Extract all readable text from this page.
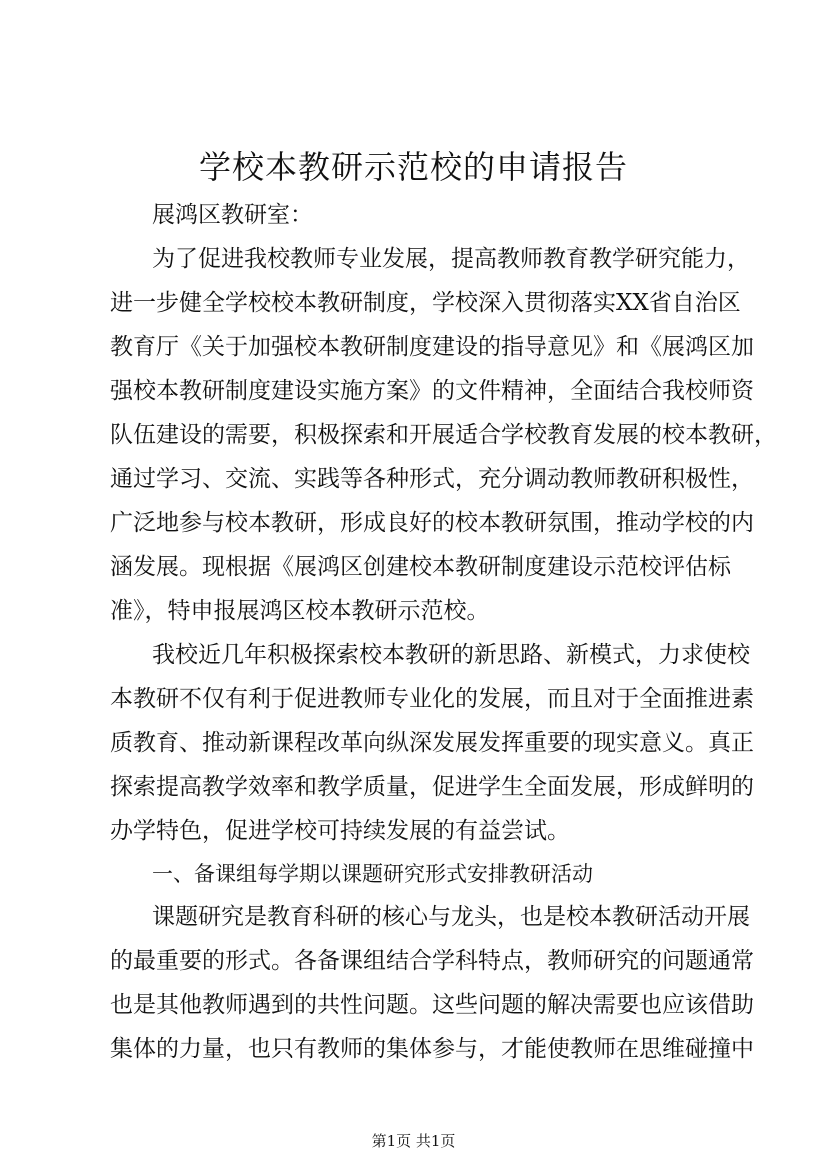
学校本教研示范校的申请报告

展鸿区教研室：

为了促进我校教师专业发展，提高教师教育教学研究能力，

进一步健全学校校本教研制度，学校深入贯彻落实XX省自治区

教育厅《关于加强校本教研制度建设的指导意见》和《展鸿区加

强校本教研制度建设实施方案》的文件精神，全面结合我校师资

队伍建设的需要，积极探索和开展适合学校教育发展的校本教研，

通过学习、交流、实践等各种形式，充分调动教师教研积极性，

广泛地参与校本教研，形成良好的校本教研氛围，推动学校的内

涵发展。现根据《展鸿区创建校本教研制度建设示范校评估标

准》，特申报展鸿区校本教研示范校。

我校近几年积极探索校本教研的新思路、新模式，力求使校

本教研不仅有利于促进教师专业化的发展，而且对于全面推进素

质教育、推动新课程改革向纵深发展发挥重要的现实意义。真正

探索提高教学效率和教学质量，促进学生全面发展，形成鲜明的

办学特色，促进学校可持续发展的有益尝试。

一、备课组每学期以课题研究形式安排教研活动

课题研究是教育科研的核心与龙头，也是校本教研活动开展

的最重要的形式。各备课组结合学科特点，教师研究的问题通常

也是其他教师遇到的共性问题。这些问题的解决需要也应该借助

集体的力量，也只有教师的集体参与，才能使教师在思维碰撞中

第1页 共1页
